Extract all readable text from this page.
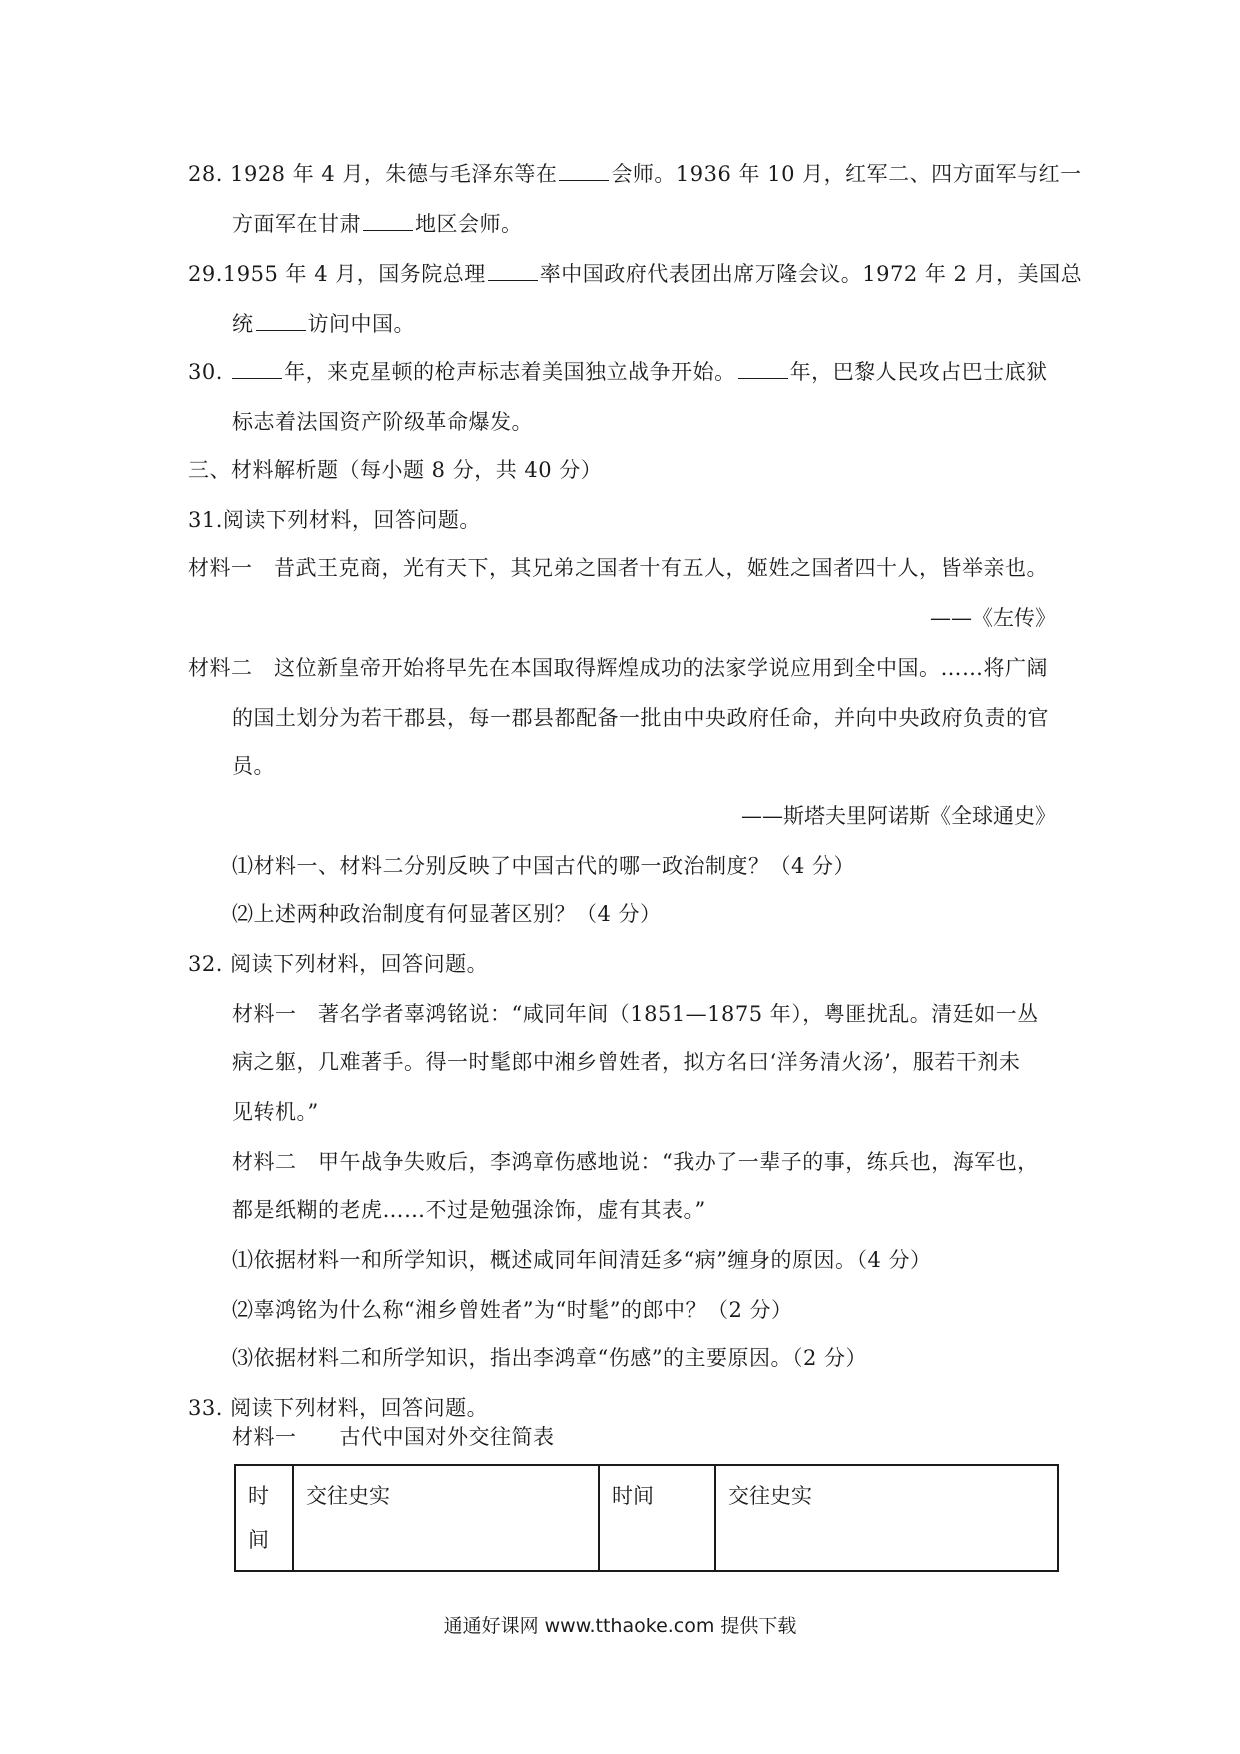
28. 1928 年 4 月，朱德与毛泽东等在	会师。1936 年 10 月，红军二、四方面军与红一
方面军在甘肃	地区会师。
29.1955 年 4 月，国务院总理	率中国政府代表团出席万隆会议。1972 年 2 月，美国总
统	访问中国。
30.	年，来克星顿的枪声标志着美国独立战争开始。	年，巴黎人民攻占巴士底狱
标志着法国资产阶级革命爆发。
三、材料解析题（每小题 8 分，共 40 分）
31.阅读下列材料，回答问题。
材料一　昔武王克商，光有天下，其兄弟之国者十有五人，姬姓之国者四十人，皆举亲也。
——《左传》
材料二　这位新皇帝开始将早先在本国取得辉煌成功的法家学说应用到全中国。……将广阔
的国土划分为若干郡县，每一郡县都配备一批由中央政府任命，并向中央政府负责的官
员。
——斯塔夫里阿诺斯《全球通史》
⑴材料一、材料二分别反映了中国古代的哪一政治制度？（4 分）
⑵上述两种政治制度有何显著区别？（4 分）
32. 阅读下列材料，回答问题。
材料一　著名学者辜鸿铭说：“咸同年间（1851—1875 年），粤匪扰乱。清廷如一丛
病之躯，几难著手。得一时髦郎中湘乡曾姓者，拟方名曰‘洋务清火汤’，服若干剂未
见转机。”
材料二　甲午战争失败后，李鸿章伤感地说：“我办了一辈子的事，练兵也，海军也，
都是纸糊的老虎……不过是勉强涂饰，虚有其表。”
⑴依据材料一和所学知识，概述咸同年间清廷多“病”缠身的原因。（4 分）
⑵辜鸿铭为什么称“湘乡曾姓者”为“时髦”的郎中？（2 分）
⑶依据材料二和所学知识，指出李鸿章“伤感”的主要原因。（2 分）
33. 阅读下列材料，回答问题。
材料一　　古代中国对外交往简表
时间
	交往史实	时间	交往史实
通通好课网 www.tthaoke.com 提供下载
